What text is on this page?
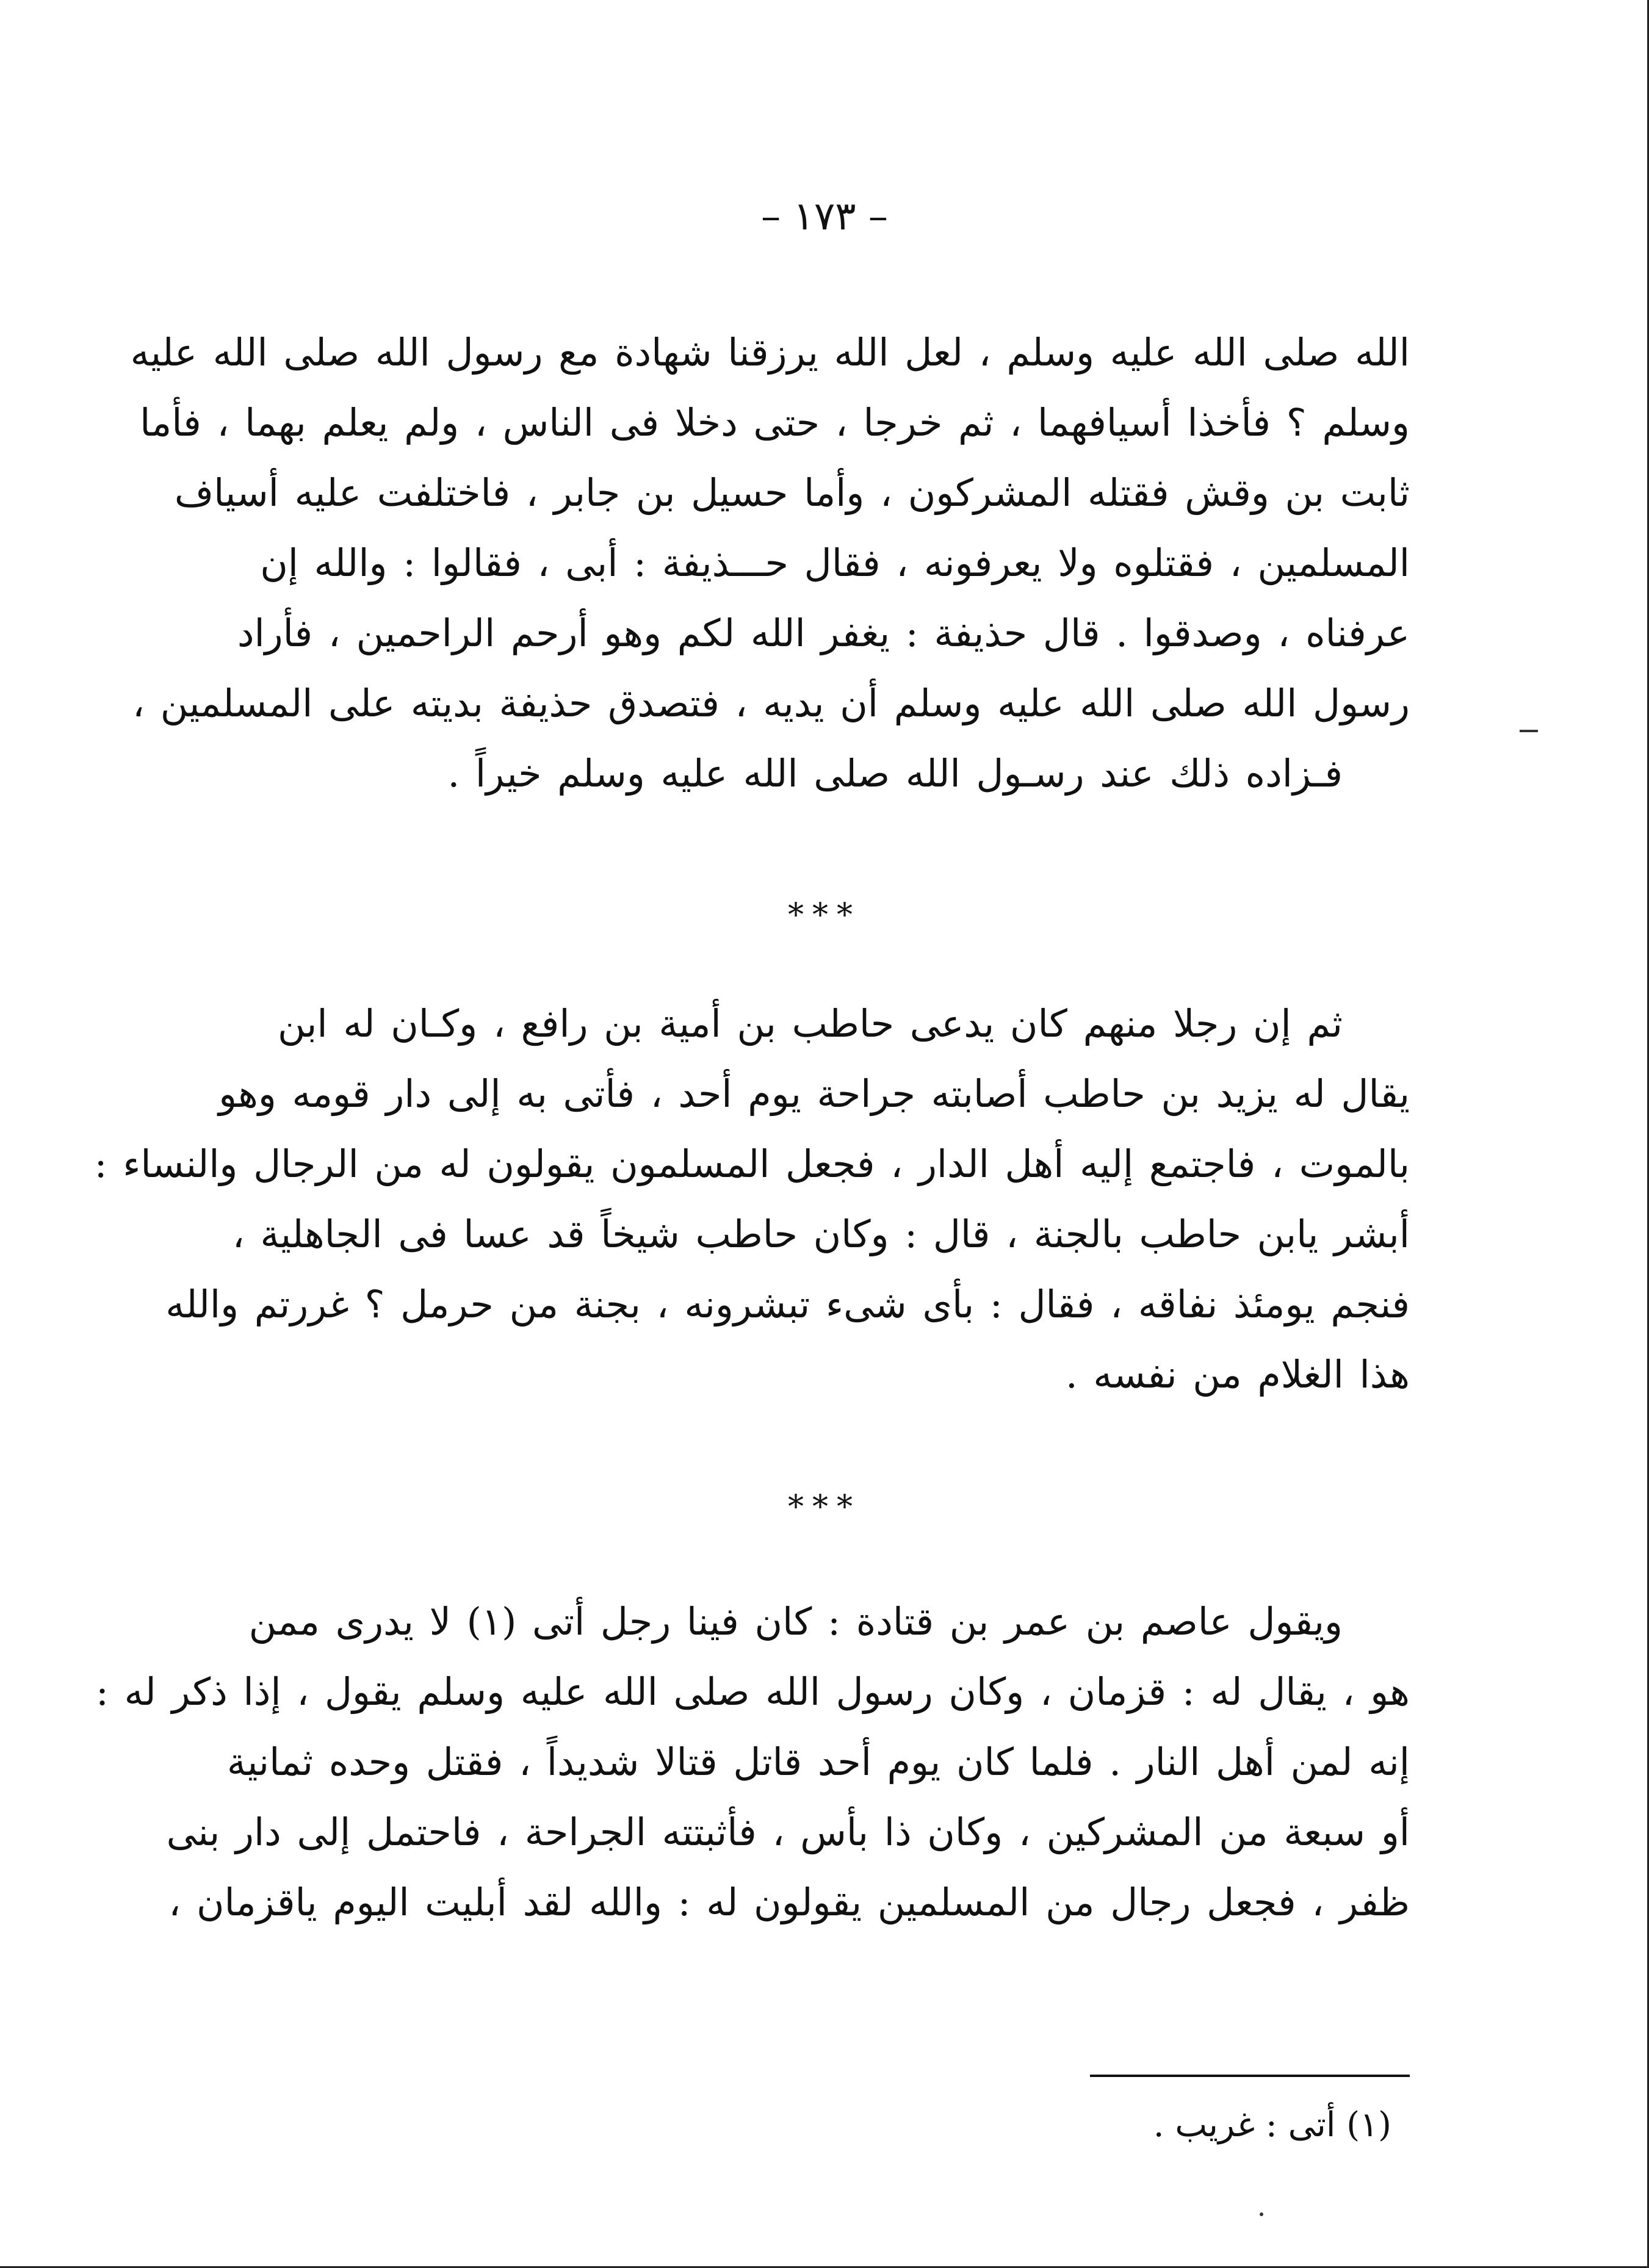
– ١٧٣ –
الله صلى الله عليه وسلم ، لعل الله يرزقنا شهادة مع رسول الله صلى الله عليه
وسلم ؟ فأخذا أسيافهما ، ثم خرجا ، حتى دخلا فى الناس ، ولم يعلم بهما ، فأما
ثابت بن وقش فقتله المشركون ، وأما حسيل بن جابر ، فاختلفت عليه أسياف
المسلمين ، فقتلوه ولا يعرفونه ، فقال حـــذيفة : أبى ، فقالوا : والله إن
عرفناه ، وصدقوا . قال حذيفة : يغفر الله لكم وهو أرحم الراحمين ، فأراد
رسول الله صلى الله عليه وسلم أن يديه ، فتصدق حذيفة بديته على المسلمين ،
فـزاده ذلك عند رسـول الله صلى الله عليه وسلم خيراً .
***
ثم إن رجلا منهم كان يدعى حاطب بن أمية بن رافع ، وكـان له ابن
يقال له يزيد بن حاطب أصابته جراحة يوم أحد ، فأتى به إلى دار قومه وهو
بالموت ، فاجتمع إليه أهل الدار ، فجعل المسلمون يقولون له من الرجال والنساء :
أبشر يابن حاطب بالجنة ، قال : وكان حاطب شيخاً قد عسا فى الجاهلية ،
فنجم يومئذ نفاقه ، فقال : بأى شىء تبشرونه ، بجنة من حرمل ؟ غررتم والله
هذا الغلام من نفسه .
***
ويقول عاصم بن عمر بن قتادة : كان فينا رجل أتى (١) لا يدرى ممن
هو ، يقال له : قزمان ، وكان رسول الله صلى الله عليه وسلم يقول ، إذا ذكر له :
إنه لمن أهل النار . فلما كان يوم أحد قاتل قتالا شديداً ، فقتل وحده ثمانية
أو سبعة من المشركين ، وكان ذا بأس ، فأثبتته الجراحة ، فاحتمل إلى دار بنى
ظفر ، فجعل رجال من المسلمين يقولون له : والله لقد أبليت اليوم ياقزمان ،
(١) أتى : غريب .
